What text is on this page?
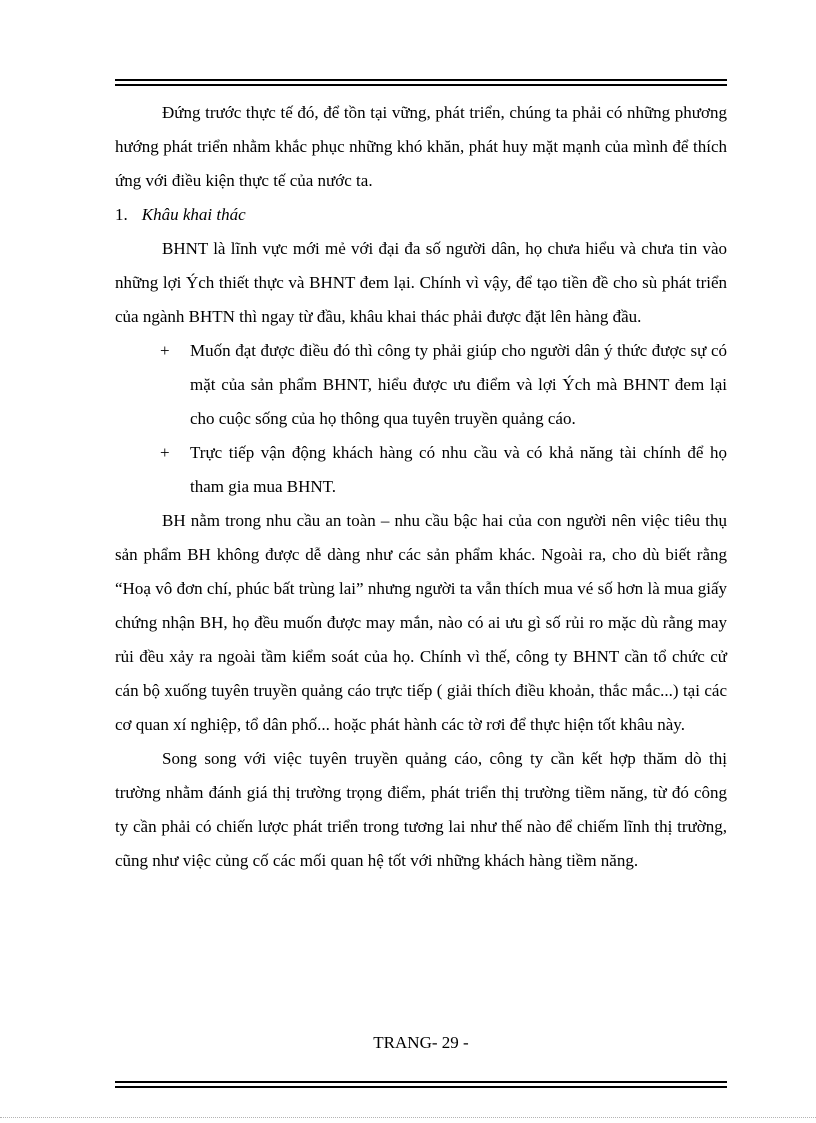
Đứng trước thực tế đó, để tồn tại vững, phát triển, chúng ta phải có những phương hướng phát triển nhằm khắc phục những khó khăn, phát huy mặt mạnh của mình để thích ứng với điều kiện thực tế của nước ta.

1. Khâu khai thác

BHNT là lĩnh vực mới mẻ với đại đa số người dân, họ chưa hiểu và chưa tin vào những lợi Ých thiết thực và BHNT đem lại. Chính vì vậy, để tạo tiền đề cho sù phát triển của ngành BHTN thì ngay từ đầu, khâu khai thác phải được đặt lên hàng đầu.

+ Muốn đạt được điều đó thì công ty phải giúp cho người dân ý thức được sự có mặt của sản phẩm BHNT, hiểu được ưu điểm và lợi Ých mà BHNT đem lại cho cuộc sống của họ thông qua tuyên truyền quảng cáo.
+ Trực tiếp vận động khách hàng có nhu cầu và có khả năng tài chính để họ tham gia mua BHNT.

BH nằm trong nhu cầu an toàn – nhu cầu bậc hai của con người nên việc tiêu thụ sản phẩm BH không được dễ dàng như các sản phẩm khác. Ngoài ra, cho dù biết rằng “Hoạ vô đơn chí, phúc bất trùng lai” nhưng người ta vẫn thích mua vé số hơn là mua giấy chứng nhận BH, họ đều muốn được may mắn, nào có ai ưu gì số rủi ro mặc dù rằng may rủi đều xảy ra ngoài tầm kiểm soát của họ. Chính vì thế, công ty BHNT cần tổ chức cử cán bộ xuống tuyên truyền quảng cáo trực tiếp ( giải thích điều khoản, thắc mắc...) tại các cơ quan xí nghiệp, tổ dân phố... hoặc phát hành các tờ rơi để thực hiện tốt khâu này.

Song song với việc tuyên truyền quảng cáo, công ty cần kết hợp thăm dò thị trường nhằm đánh giá thị trường trọng điểm, phát triển thị trường tiềm năng, từ đó công ty cần phải có chiến lược phát triển trong tương lai như thế nào để chiếm lĩnh thị trường, cũng như việc củng cố các mối quan hệ tốt với những khách hàng tiềm năng.

TRANG- 29 -
